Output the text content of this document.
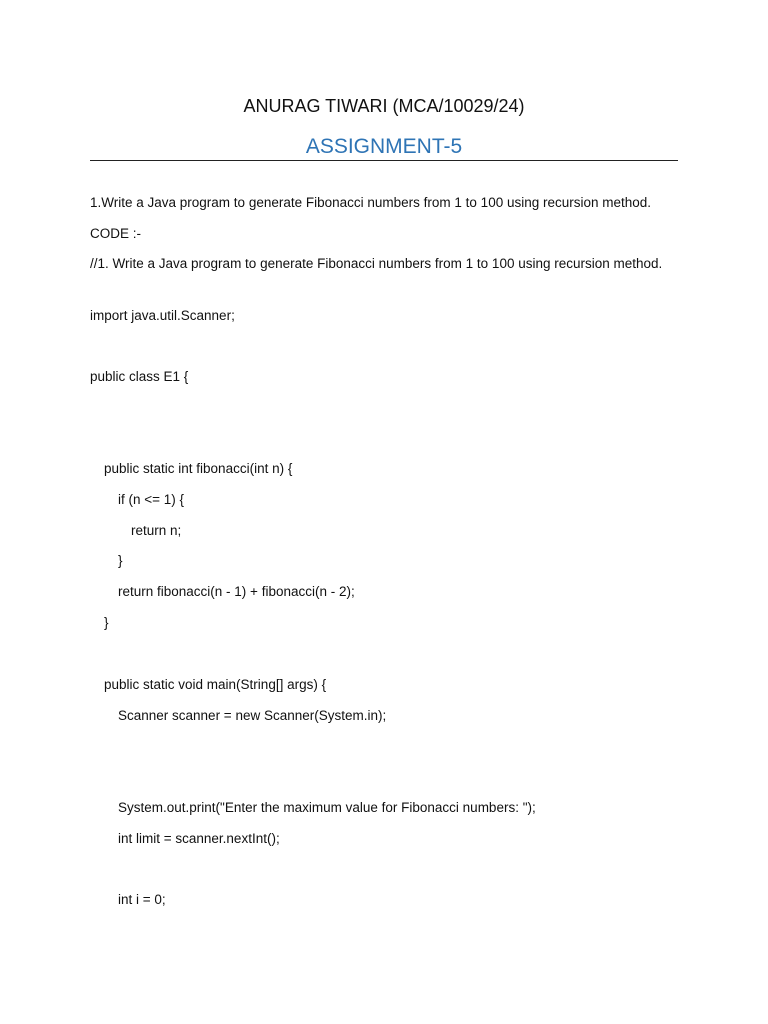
ANURAG TIWARI (MCA/10029/24)
ASSIGNMENT-5
1.Write a Java program to generate Fibonacci numbers from 1 to 100 using recursion method.
CODE :-
//1. Write a Java program to generate Fibonacci numbers from 1 to 100 using recursion method.
import java.util.Scanner;
public class E1 {
public static int fibonacci(int n) {
if (n <= 1) {
return n;
}
return fibonacci(n - 1) + fibonacci(n - 2);
}
public static void main(String[] args) {
Scanner scanner = new Scanner(System.in);
System.out.print("Enter the maximum value for Fibonacci numbers: ");
int limit = scanner.nextInt();
int i = 0;
